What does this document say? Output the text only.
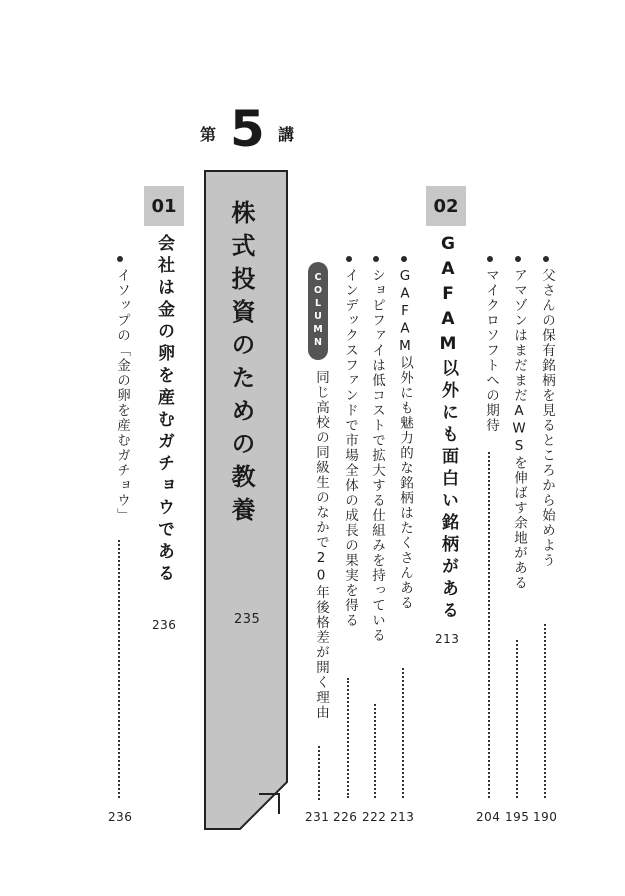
第 5 講
株式投資のための教養
235
01
会社は金の卵を産むガチョウである
236
イソップの「金の卵を産むガチョウ」
236
COLUMN
同じ高校の同級生のなかで20年後格差が開く理由
231
インデックスファンドで市場全体の成長の果実を得る
226
ショピファイは低コストで拡大する仕組みを持っている
222
GAFAM以外にも魅力的な銘柄はたくさんある
213
02
GAFAM以外にも面白い銘柄がある
213
マイクロソフトへの期待
204
アマゾンはまだまだAWSを伸ばす余地がある
195
父さんの保有銘柄を見るところから始めよう
190
